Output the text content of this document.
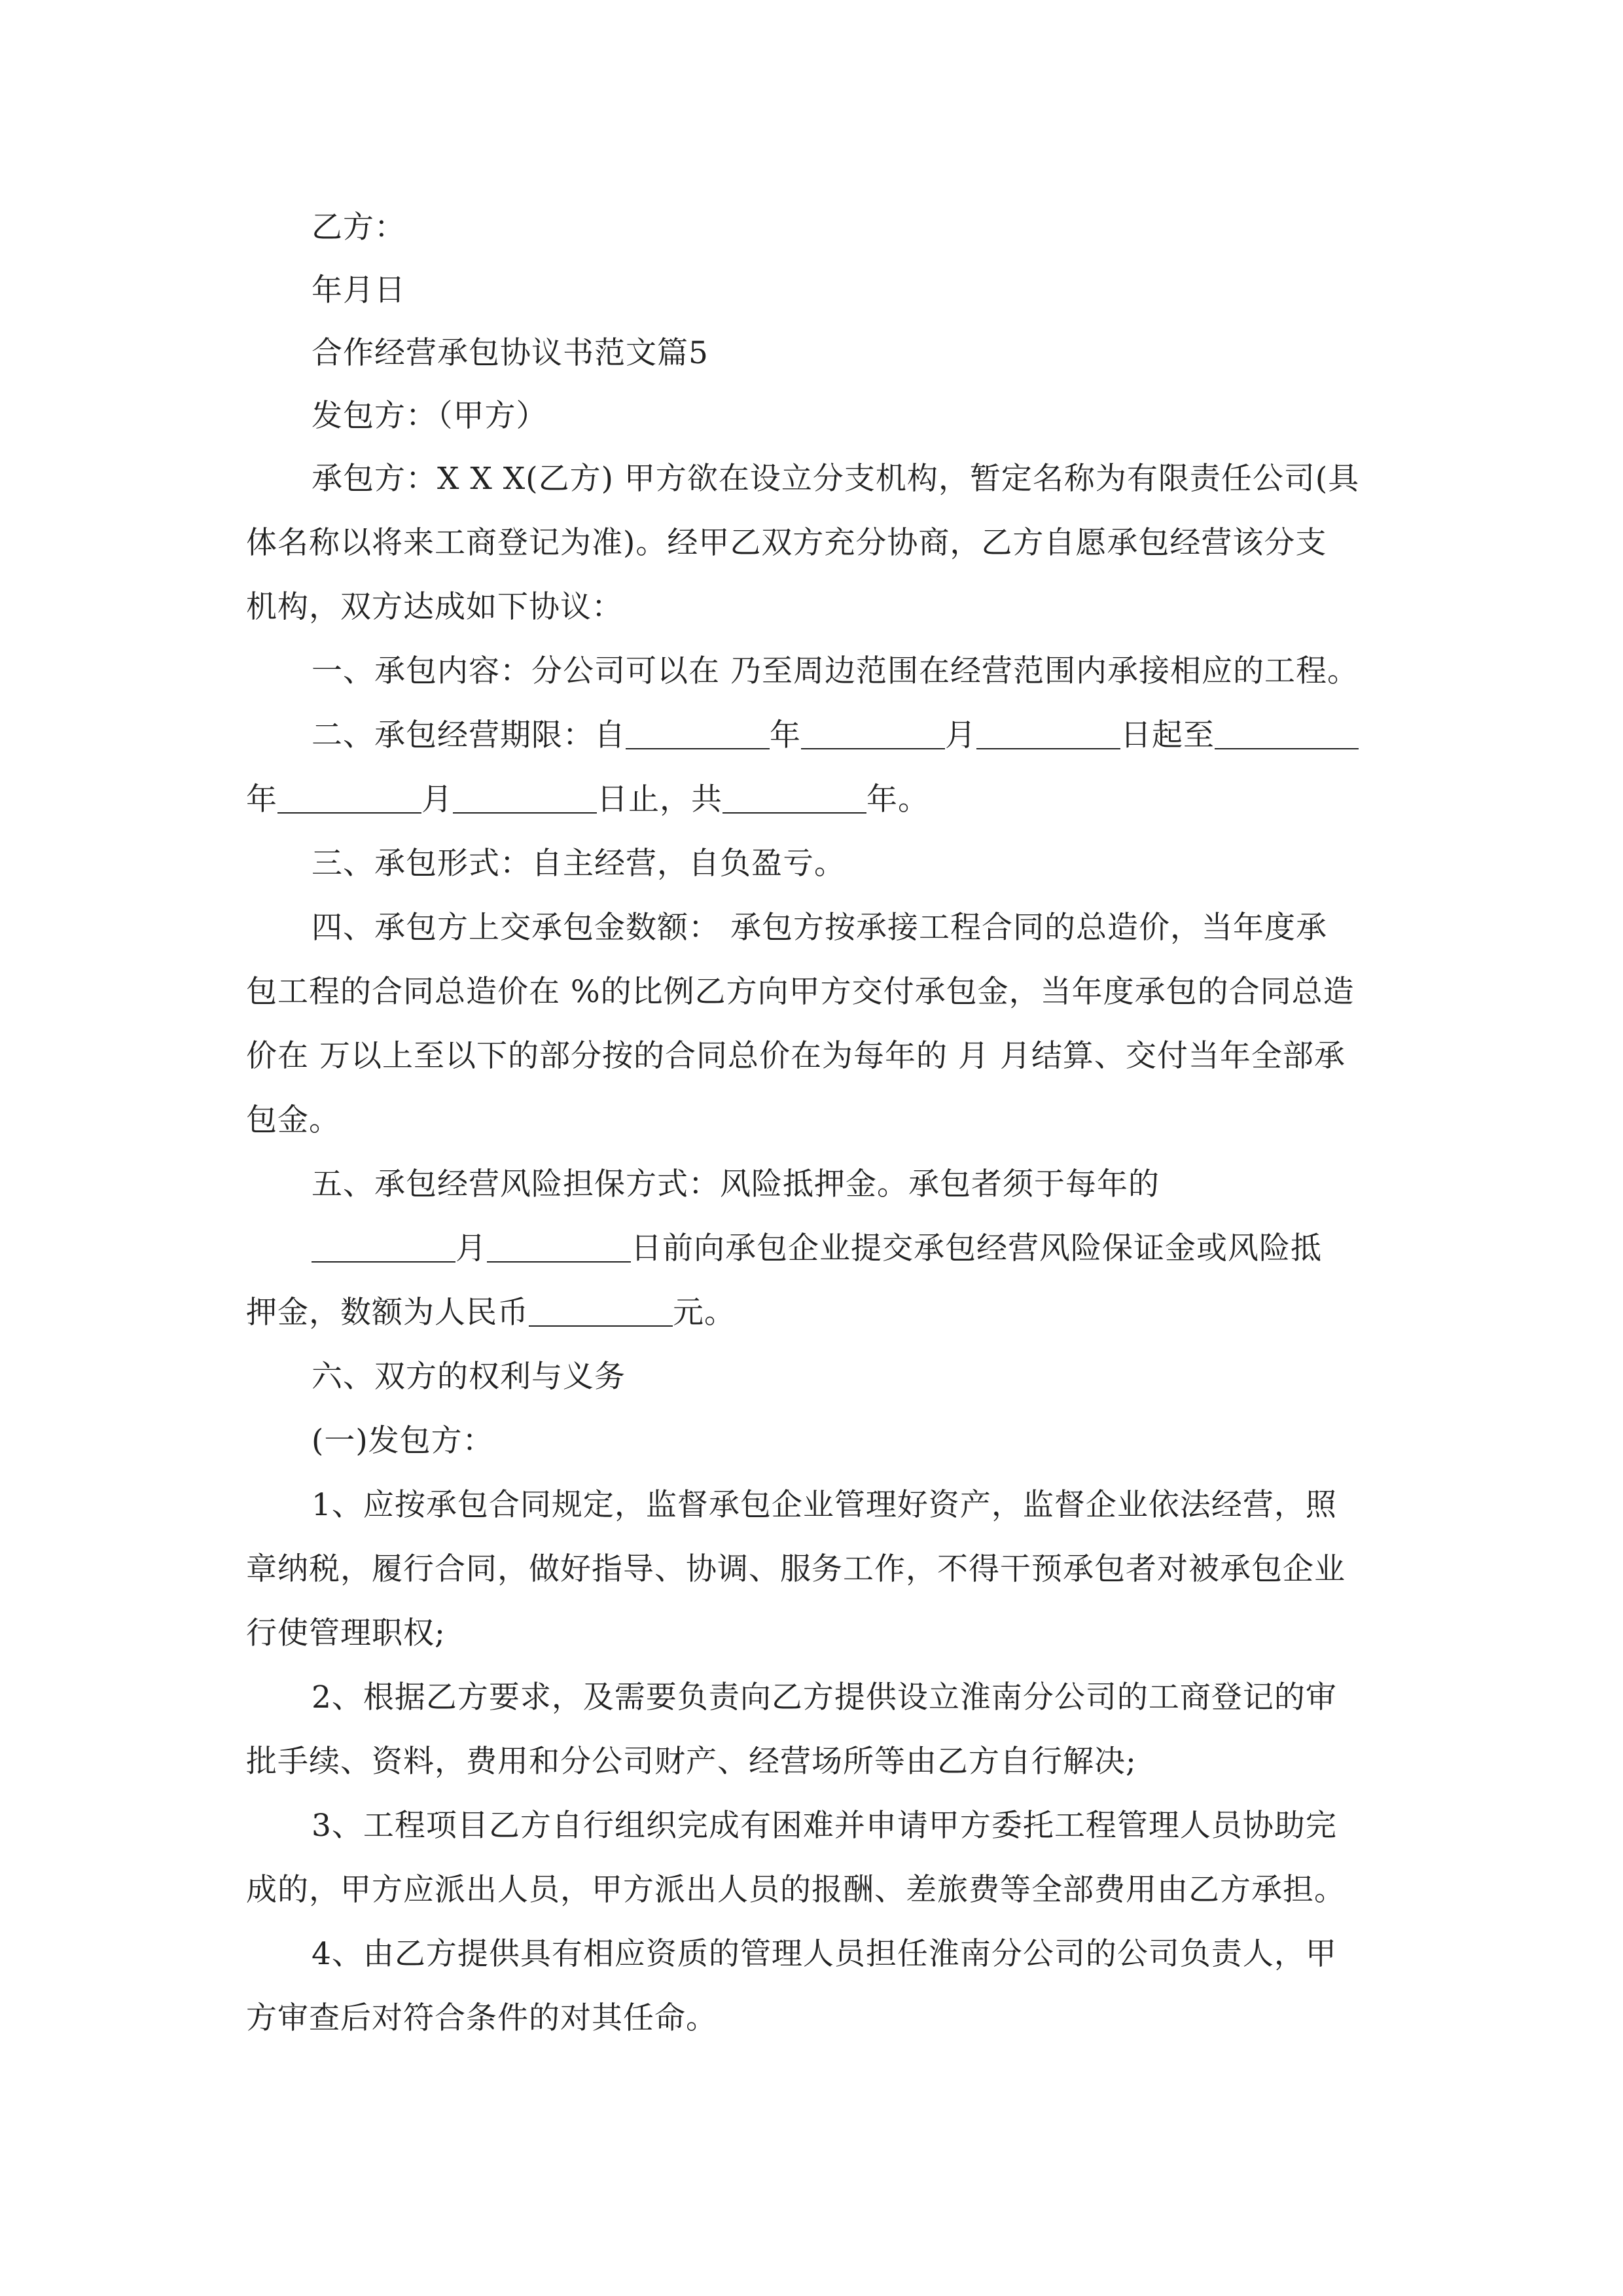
乙方：
年月日
合作经营承包协议书范文篇5
发包方：（甲方）
承包方：X X X(乙方) 甲方欲在设立分支机构，暂定名称为有限责任公司(具
体名称以将来工商登记为准)。经甲乙双方充分协商，乙方自愿承包经营该分支
机构，双方达成如下协议：
一、承包内容：分公司可以在 乃至周边范围在经营范围内承接相应的工程。
二、承包经营期限：自	年	月	日起至
年	月	日止，共	年。
三、承包形式：自主经营，自负盈亏。
四、承包方上交承包金数额： 承包方按承接工程合同的总造价，当年度承
包工程的合同总造价在 %的比例乙方向甲方交付承包金，当年度承包的合同总造
价在 万以上至以下的部分按的合同总价在为每年的 月 月结算、交付当年全部承
包金。
五、承包经营风险担保方式：风险抵押金。承包者须于每年的
月	日前向承包企业提交承包经营风险保证金或风险抵
押金，数额为人民币	元。
六、双方的权利与义务
(一)发包方：
1、应按承包合同规定，监督承包企业管理好资产，监督企业依法经营，照
章纳税，履行合同，做好指导、协调、服务工作，不得干预承包者对被承包企业
行使管理职权;
2、根据乙方要求，及需要负责向乙方提供设立淮南分公司的工商登记的审
批手续、资料，费用和分公司财产、经营场所等由乙方自行解决;
3、工程项目乙方自行组织完成有困难并申请甲方委托工程管理人员协助完
成的，甲方应派出人员，甲方派出人员的报酬、差旅费等全部费用由乙方承担。
4、由乙方提供具有相应资质的管理人员担任淮南分公司的公司负责人，甲
方审查后对符合条件的对其任命。
